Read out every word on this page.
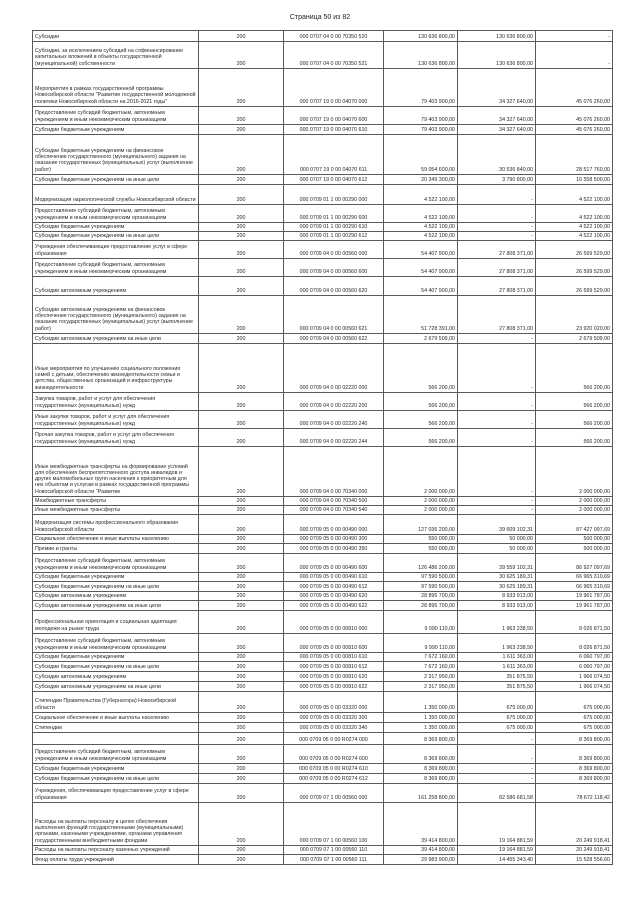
Страница 50 из 82
Субсидии	200	000 0707 04 0 00 70350 520	130 636 800,00	130 636 800,00	-
Субсидии, за исключением субсидий на софинансирование капитальных вложений в объекты государственной (муниципальной) собственности	200	000 0707 04 0 00 70350 521	130 636 800,00	130 636 800,00	-
Мероприятия в рамках государственной программы Новосибирской области "Развитие государственной молодежной политики Новосибирской области на 2016-2021 годы"	200	000 0707 19 0 00 04070 000	79 403 900,00	34 327 640,00	45 076 260,00
Предоставление субсидий бюджетным, автономным учреждениям и иным некоммерческим организациям	200	000 0707 19 0 00 04070 600	79 403 900,00	34 327 640,00	45 076 260,00
Субсидии бюджетным учреждениям	200	000 0707 19 0 00 04070 610	79 403 900,00	34 327 640,00	45 076 260,00
Субсидии бюджетным учреждениям на финансовое обеспечение государственного (муниципального) задания на оказание государственных (муниципальных) услуг (выполнение работ)	200	000 0707 19 0 00 04070 611	59 054 600,00	30 536 840,00	28 517 760,00
Субсидии бюджетным учреждениям на иные цели	200	000 0707 19 0 00 04070 612	20 349 300,00	3 790 800,00	16 558 500,00
Модернизация наркологической службы Новосибирской области	200	000 0709 01 1 00 00290 000	4 522 100,00	-	4 522 100,00
Предоставление субсидий бюджетным, автономным учреждениям и иным некоммерческим организациям	200	000 0709 01 1 00 00290 600	4 522 100,00	-	4 522 100,00
Субсидии бюджетным учреждениям	200	000 0709 01 1 00 00290 610	4 522 100,00	-	4 522 100,00
Субсидии бюджетным учреждениям на иные цели	200	000 0709 01 1 00 00290 612	4 522 100,00	-	4 522 100,00
Учреждения обеспечивающие предоставление услуг в сфере образования	200	000 0709 04 0 00 00560 000	54 407 900,00	27 808 371,00	26 599 529,00
Предоставление субсидий бюджетным, автономным учреждениям и иным некоммерческим организациям	200	000 0709 04 0 00 00560 600	54 407 900,00	27 808 371,00	26 599 529,00
Субсидии автономным учреждениям	200	000 0709 04 0 00 00560 620	54 407 900,00	27 808 371,00	26 599 529,00
Субсидии автономным учреждениям на финансовое обеспечение государственного (муниципального) задания на оказание государственных (муниципальных) услуг (выполнение работ)	200	000 0709 04 0 00 00560 621	51 728 391,00	27 808 371,00	23 920 020,00
Субсидии автономным учреждениям на иные цели	200	000 0709 04 0 00 00560 622	2 679 509,00	-	2 679 509,00
Иные мероприятия по улучшению социального положения семей с детьми, обеспечению жизнедеятельности семьи и детства, общественных организаций и инфраструктуры жизнедеятельности	200	000 0709 04 0 00 02220 000	566 200,00	-	566 200,00
Закупка товаров, работ и услуг для обеспечения государственных (муниципальных) нужд	200	000 0709 04 0 00 02220 200	566 200,00	-	566 200,00
Иные закупки товаров, работ и услуг для обеспечения государственных (муниципальных) нужд	200	000 0709 04 0 00 02220 240	566 200,00	-	566 200,00
Прочая закупка товаров, работ и услуг для обеспечения государственных (муниципальных) нужд	200	000 0709 04 0 00 02220 244	566 200,00	-	566 200,00
Иные межбюджетные трансферты на формирование условий для обеспечения беспрепятственного доступа инвалидов и других маломобильных групп населения к приоритетным для них объектам и услугам в рамках государственной программы Новосибирской области "Развитие	200	000 0709 04 0 00 70340 000	2 000 000,00	-	2 000 000,00
Межбюджетные трансферты	200	000 0709 04 0 00 70340 500	2 000 000,00	-	2 000 000,00
Иные межбюджетные трансферты	200	000 0709 04 0 00 70340 540	2 000 000,00	-	2 000 000,00
Модернизация системы профессионального образования Новосибирской области	200	000 0709 05 0 00 00490 000	127 036 200,00	39 609 102,31	87 427 097,69
Социальное обеспечение и иные выплаты населению	200	000 0709 05 0 00 00490 300	550 000,00	50 000,00	500 000,00
Премии и гранты	200	000 0709 05 0 00 00490 350	550 000,00	50 000,00	500 000,00
Предоставление субсидий бюджетным, автономным учреждениям и иным некоммерческим организациям	200	000 0709 05 0 00 00490 600	126 486 200,00	39 559 102,31	86 927 097,69
Субсидии бюджетным учреждениям	200	000 0709 05 0 00 00490 610	97 590 500,00	30 625 189,31	66 965 310,69
Субсидии бюджетным учреждениям на иные цели	200	000 0709 05 0 00 00490 612	97 590 500,00	30 625 189,31	66 965 310,69
Субсидии автономным учреждениям	200	000 0709 05 0 00 00490 620	28 895 700,00	8 933 913,00	19 961 787,00
Субсидии автономным учреждениям на иные цели	200	000 0709 05 0 00 00490 622	28 895 700,00	8 933 913,00	19 961 787,00
Профессиональная ориентация и социальная адаптация молодежи на рынке труда	200	000 0709 05 0 00 00810 000	9 990 110,00	1 963 238,50	8 026 871,50
Предоставление субсидий бюджетным, автономным учреждениям и иным некоммерческим организациям	200	000 0709 05 0 00 00810 600	9 990 110,00	1 963 238,50	8 026 871,50
Субсидии бюджетным учреждениям	200	000 0709 05 0 00 00810 610	7 672 160,00	1 611 363,00	6 060 797,00
Субсидии бюджетным учреждениям на иные цели	200	000 0709 05 0 00 00810 612	7 672 160,00	1 611 363,00	6 060 797,00
Субсидии автономным учреждениям	200	000 0709 05 0 00 00810 620	2 317 950,00	351 875,50	1 966 074,50
Субсидии автономным учреждениям на иные цели	200	000 0709 05 0 00 00810 622	2 317 950,00	351 875,50	1 966 074,50
Стипендии Правительства (Губернатора) Новосибирской области	200	000 0709 05 0 00 03320 000	1 350 000,00	675 000,00	675 000,00
Социальное обеспечение и иные выплаты населению	200	000 0709 05 0 00 03320 300	1 350 000,00	675 000,00	675 000,00
Стипендии	200	000 0709 05 0 00 03320 340	1 350 000,00	675 000,00	675 000,00
	200	000 0709 05 0 00 R0274 000	8 369 800,00	-	8 369 800,00
Предоставление субсидий бюджетным, автономным учреждениям и иным некоммерческим организациям	200	000 0709 05 0 00 R0274 600	8 369 800,00	-	8 369 800,00
Субсидии бюджетным учреждениям	200	000 0709 05 0 00 R0274 610	8 369 800,00	-	8 369 800,00
Субсидии бюджетным учреждениям на иные цели	200	000 0709 05 0 00 R0274 612	8 369 800,00	-	8 369 800,00
Учреждения, обеспечивающие предоставление услуг в сфере образования	200	000 0709 07 1 00 00560 000	161 258 800,00	82 586 681,58	78 672 118,42
Расходы на выплаты персоналу в целях обеспечения выполнения функций государственными (муниципальными) органами, казенными учреждениями, органами управления государственными внебюджетными фондами	200	000 0709 07 1 00 00560 100	39 414 800,00	19 164 881,59	20 249 918,41
Расходы на выплаты персоналу казенных учреждений	200	000 0709 07 1 00 00560 110	39 414 800,00	19 164 881,59	20 249 918,41
Фонд оплаты труда учреждений	200	000 0709 07 1 00 00560 111	29 983 900,00	14 455 343,40	15 528 556,60
